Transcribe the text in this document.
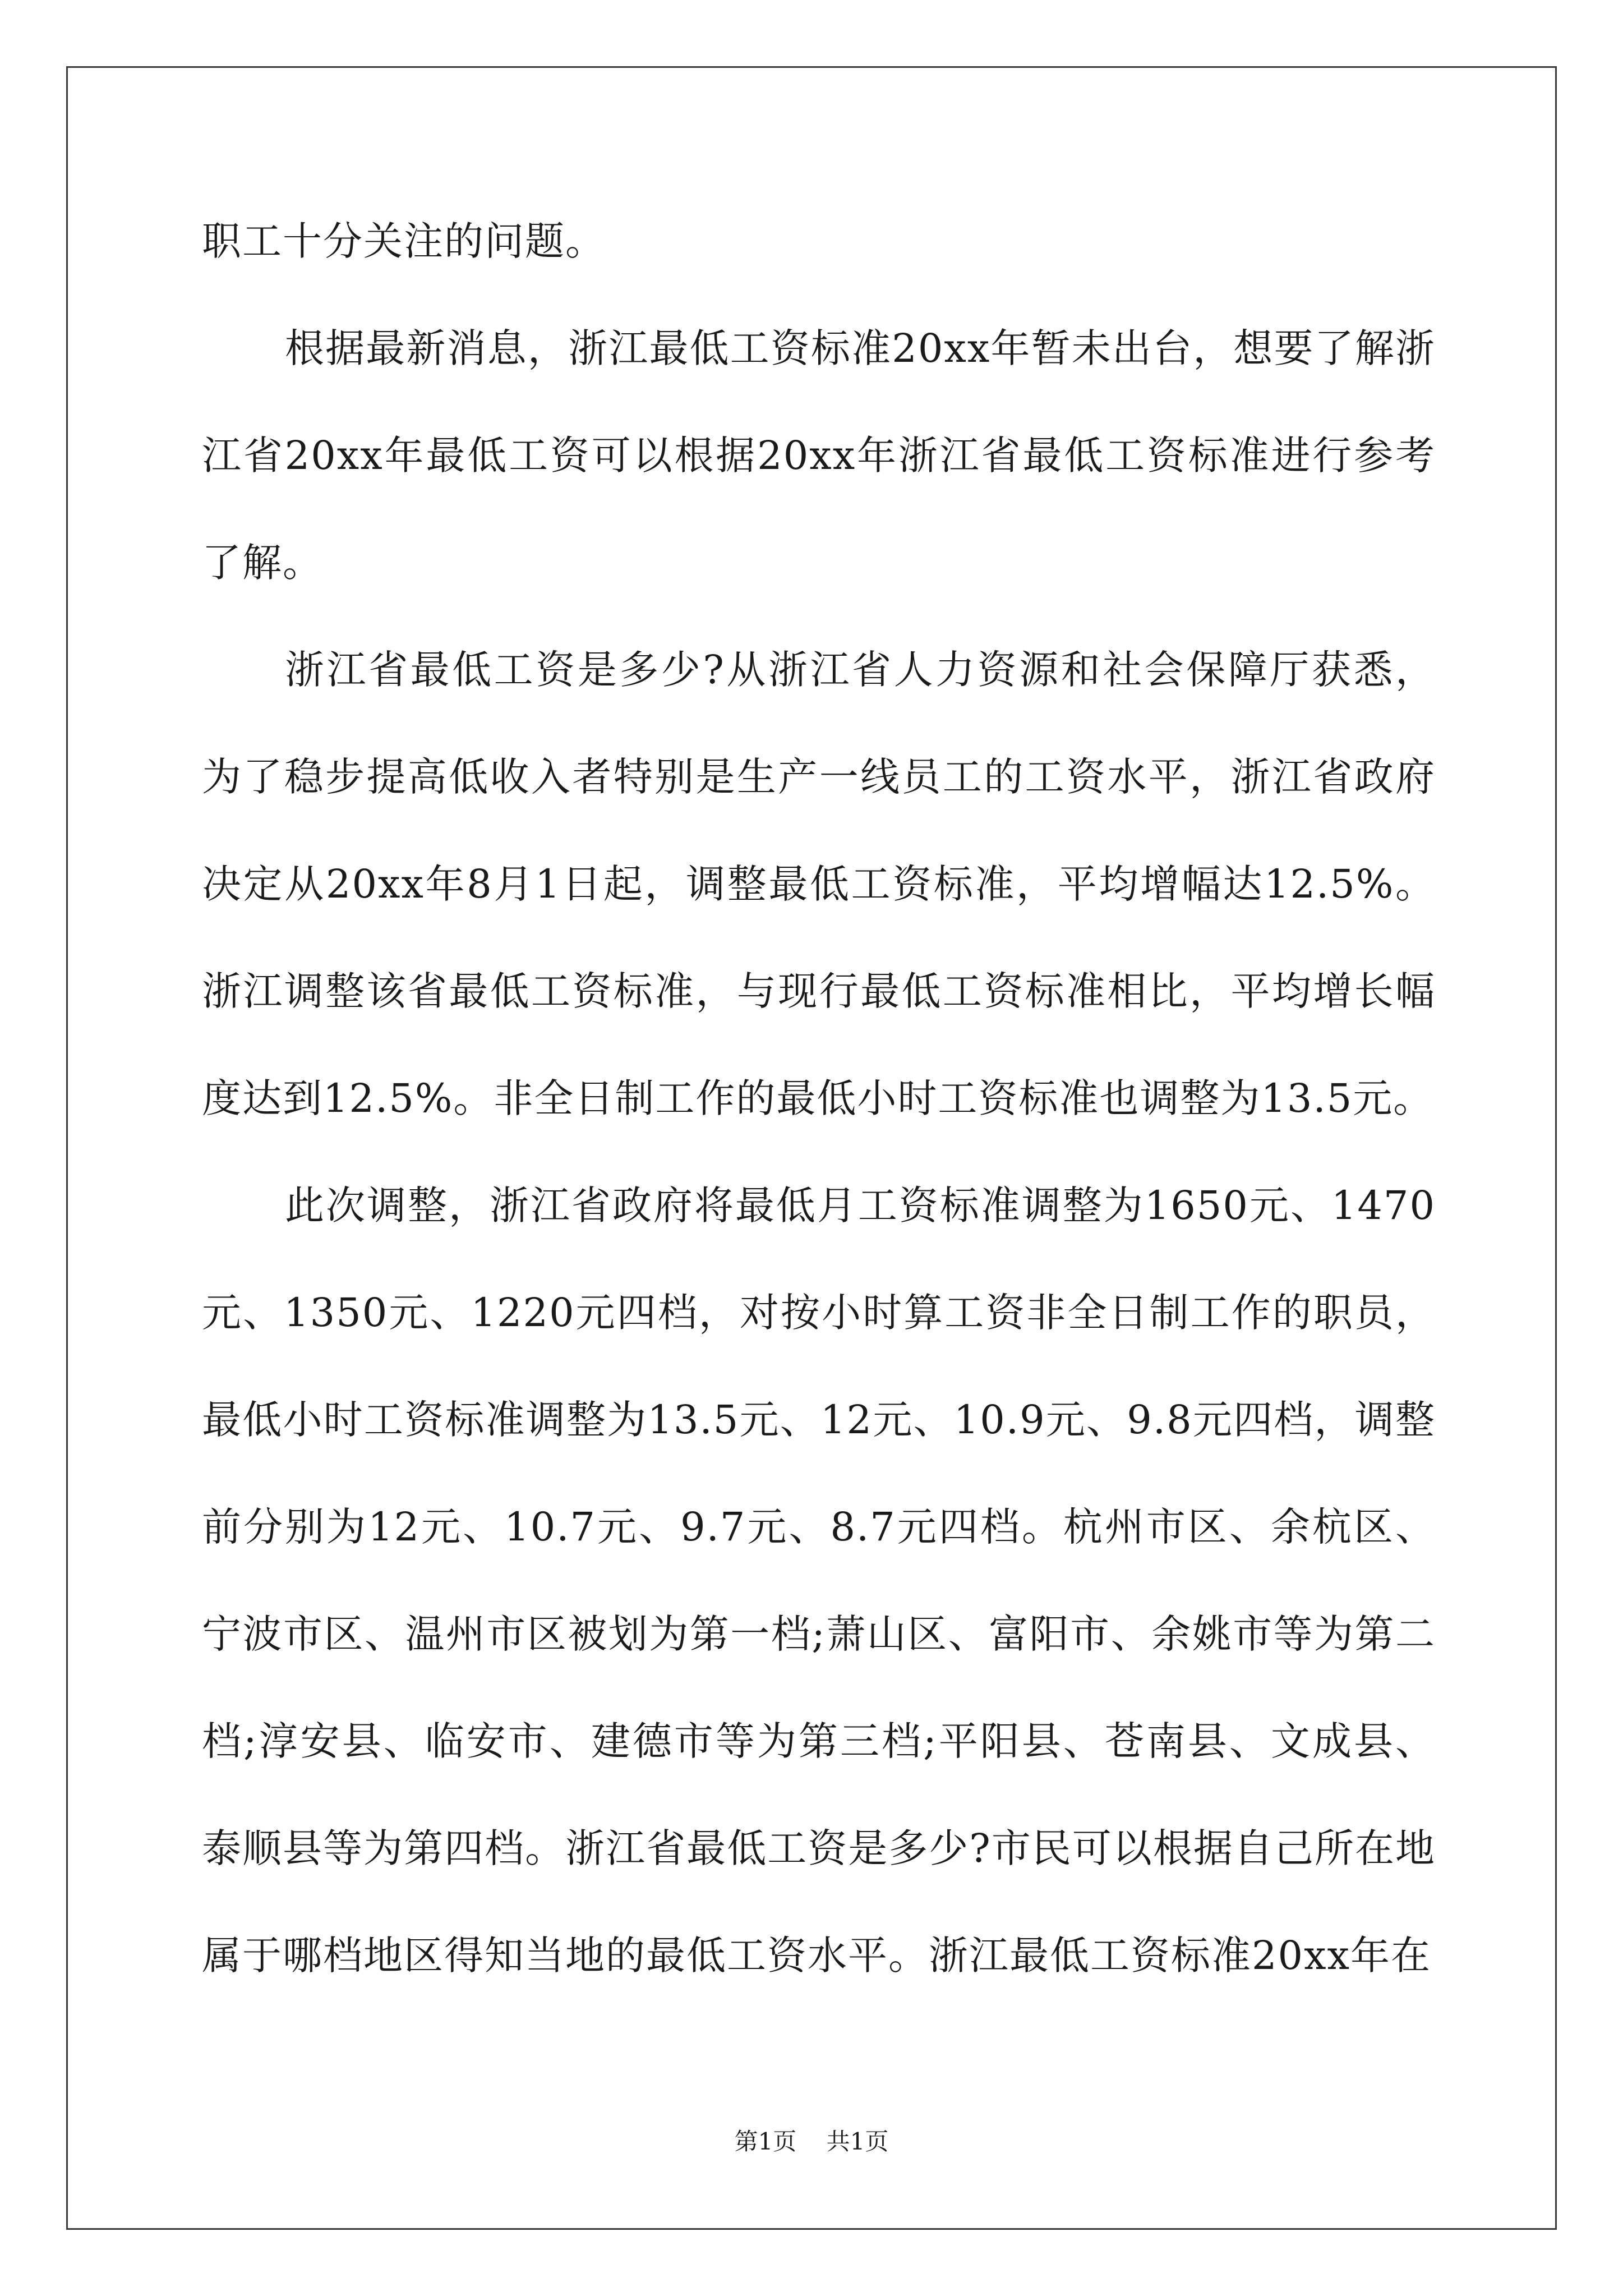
职工十分关注的问题。

根据最新消息，浙江最低工资标准20xx年暂未出台，想要了解浙江省20xx年最低工资可以根据20xx年浙江省最低工资标准进行参考了解。

浙江省最低工资是多少?从浙江省人力资源和社会保障厅获悉，为了稳步提高低收入者特别是生产一线员工的工资水平，浙江省政府决定从20xx年8月1日起，调整最低工资标准，平均增幅达12.5%。浙江调整该省最低工资标准，与现行最低工资标准相比，平均增长幅度达到12.5%。非全日制工作的最低小时工资标准也调整为13.5元。

此次调整，浙江省政府将最低月工资标准调整为1650元、1470元、1350元、1220元四档，对按小时算工资非全日制工作的职员，最低小时工资标准调整为13.5元、12元、10.9元、9.8元四档，调整前分别为12元、10.7元、9.7元、8.7元四档。杭州市区、余杭区、宁波市区、温州市区被划为第一档;萧山区、富阳市、余姚市等为第二档;淳安县、临安市、建德市等为第三档;平阳县、苍南县、文成县、泰顺县等为第四档。浙江省最低工资是多少?市民可以根据自己所在地属于哪档地区得知当地的最低工资水平。浙江最低工资标准20xx年在

第1页 共1页
